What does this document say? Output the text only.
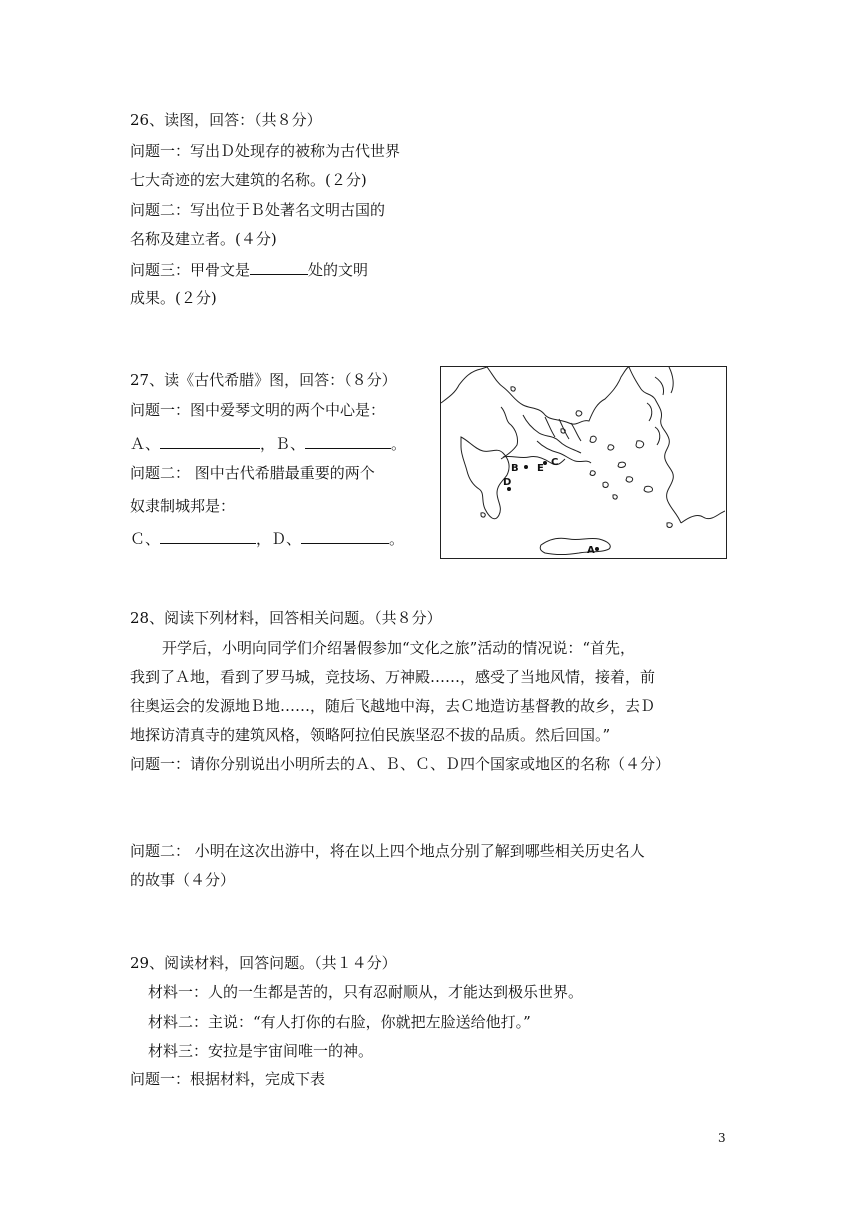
26、读图，回答：（共８分）
问题一：写出Ｄ处现存的被称为古代世界
七大奇迹的宏大建筑的名称。(２分)
问题二：写出位于Ｂ处著名文明古国的
名称及建立者。(４分)
问题三：甲骨文是	处的文明
成果。(２分)
27、读《古代希腊》图，回答：（８分）
问题一：图中爱琴文明的两个中心是：
Ａ、	，Ｂ、	。
问题二： 图中古代希腊最重要的两个
奴隶制城邦是：
Ｃ、	，Ｄ、	。
B E
C
D
A
28、阅读下列材料，回答相关问题。（共８分）
开学后，小明向同学们介绍暑假参加“文化之旅”活动的情况说：“首先，
我到了Ａ地，看到了罗马城，竞技场、万神殿……，感受了当地风情，接着，前
往奥运会的发源地Ｂ地……，随后飞越地中海，去Ｃ地造访基督教的故乡，去Ｄ
地探访清真寺的建筑风格，领略阿拉伯民族坚忍不拔的品质。然后回国。”
问题一：请你分别说出小明所去的Ａ、Ｂ、Ｃ、Ｄ四个国家或地区的名称（４分）
问题二： 小明在这次出游中，将在以上四个地点分别了解到哪些相关历史名人
的故事（４分）
29、阅读材料，回答问题。（共１４分）
材料一：人的一生都是苦的，只有忍耐顺从，才能达到极乐世界。
材料二：主说：“有人打你的右脸，你就把左脸送给他打。”
材料三：安拉是宇宙间唯一的神。
问题一：根据材料，完成下表
3
